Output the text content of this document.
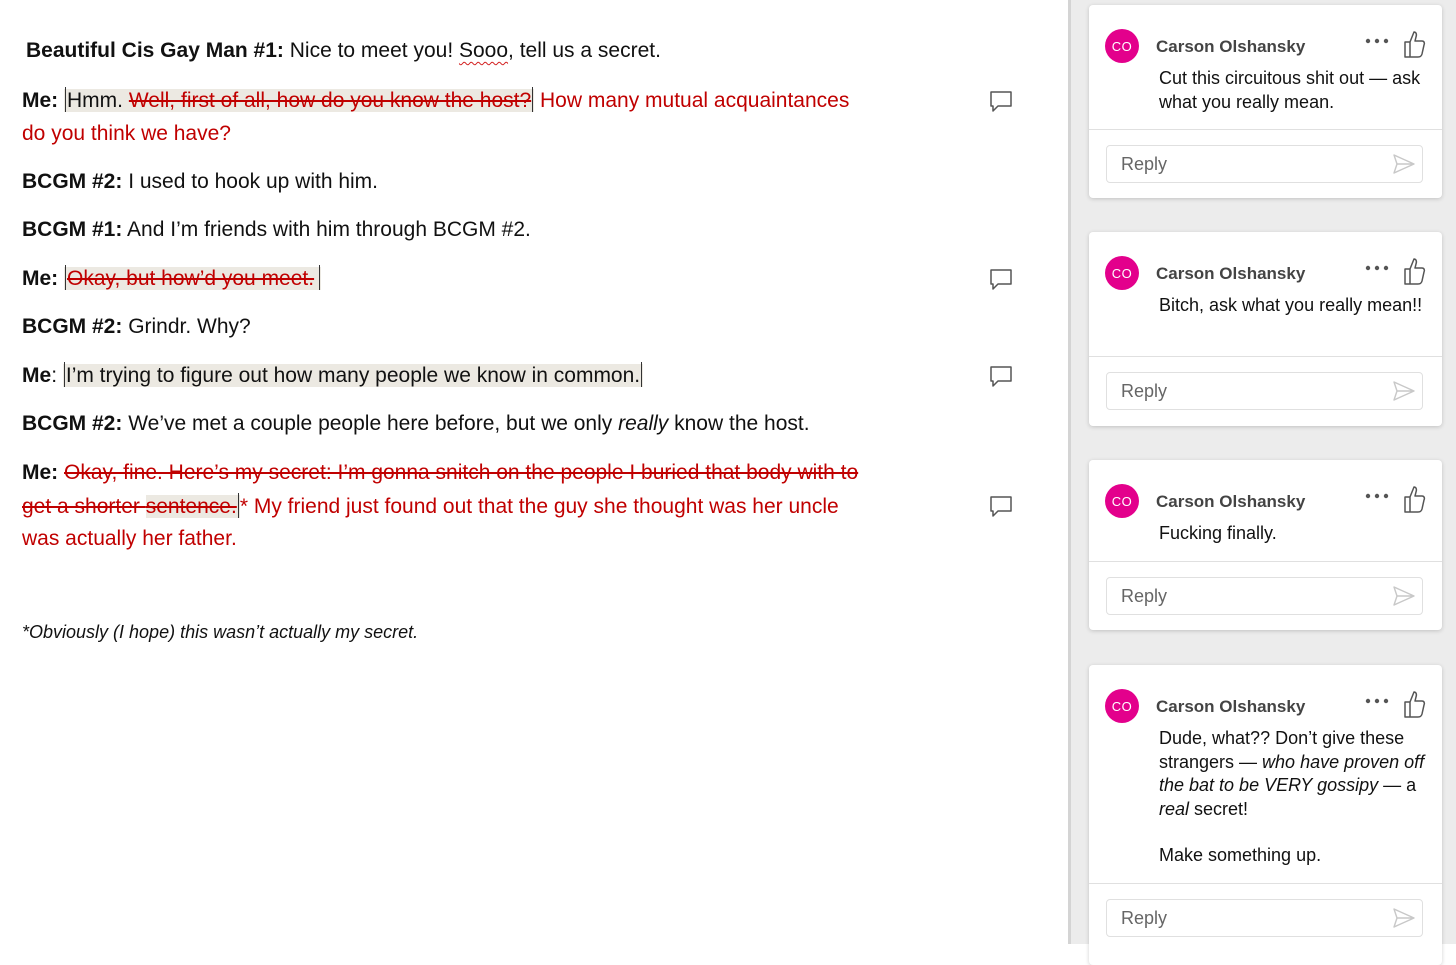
Beautiful Cis Gay Man #1: Nice to meet you! Sooo, tell us a secret.
Me: Hmm. Well, first of all, how do you know the host? How many mutual acquaintances
do you think we have?
BCGM #2: I used to hook up with him.
BCGM #1: And I’m friends with him through BCGM #2.
Me: Okay, but how’d you meet.
BCGM #2: Grindr. Why?
Me: I’m trying to figure out how many people we know in common.
BCGM #2: We’ve met a couple people here before, but we only really know the host.
Me: Okay, fine. Here’s my secret: I’m gonna snitch on the people I buried that body with to
get a shorter sentence. * My friend just found out that the guy she thought was her uncle
was actually her father.
*Obviously (I hope) this wasn’t actually my secret.
CO	Carson Olshansky
Cut this circuitous shit out — ask what you really mean.
Reply
CO	Carson Olshansky
Bitch, ask what you really mean!!
Reply
CO	Carson Olshansky
Fucking finally.
Reply
CO	Carson Olshansky
Dude, what?? Don’t give these strangers — who have proven off the bat to be VERY gossipy — a real secret!
Make something up.
Reply
